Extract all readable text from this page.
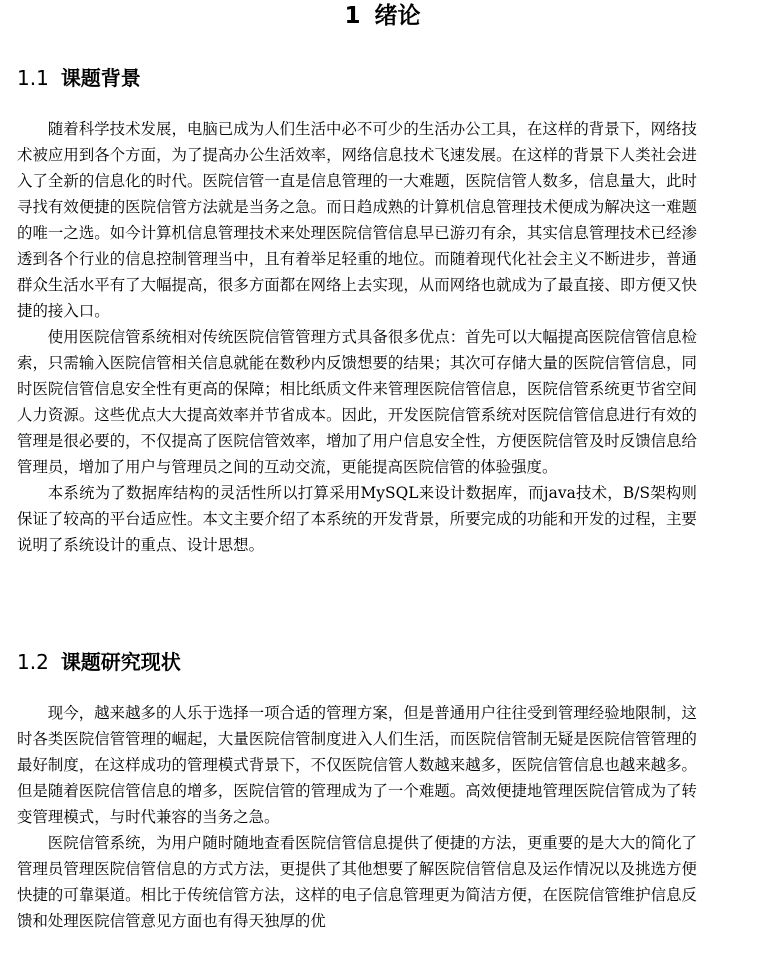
1 绪论
1.1 课题背景

随着科学技术发展，电脑已成为人们生活中必不可少的生活办公工具，在这样的背景下，网络技术被应用到各个方面，为了提高办公生活效率，网络信息技术飞速发展。在这样的背景下人类社会进入了全新的信息化的时代。医院信管一直是信息管理的一大难题，医院信管人数多，信息量大，此时寻找有效便捷的医院信管方法就是当务之急。而日趋成熟的计算机信息管理技术便成为解决这一难题的唯一之选。如今计算机信息管理技术来处理医院信管信息早已游刃有余，其实信息管理技术已经渗透到各个行业的信息控制管理当中，且有着举足轻重的地位。而随着现代化社会主义不断进步，普通群众生活水平有了大幅提高，很多方面都在网络上去实现，从而网络也就成为了最直接、即方便又快捷的接入口。

使用医院信管系统相对传统医院信管管理方式具备很多优点：首先可以大幅提高医院信管信息检索，只需输入医院信管相关信息就能在数秒内反馈想要的结果；其次可存储大量的医院信管信息，同时医院信管信息安全性有更高的保障；相比纸质文件来管理医院信管信息，医院信管系统更节省空间人力资源。这些优点大大提高效率并节省成本。因此，开发医院信管系统对医院信管信息进行有效的管理是很必要的，不仅提高了医院信管效率，增加了用户信息安全性，方便医院信管及时反馈信息给管理员，增加了用户与管理员之间的互动交流，更能提高医院信管的体验强度。

本系统为了数据库结构的灵活性所以打算采用MySQL来设计数据库，而java技术，B/S架构则保证了较高的平台适应性。本文主要介绍了本系统的开发背景，所要完成的功能和开发的过程，主要说明了系统设计的重点、设计思想。

1.2 课题研究现状

现今，越来越多的人乐于选择一项合适的管理方案，但是普通用户往往受到管理经验地限制，这时各类医院信管管理的崛起，大量医院信管制度进入人们生活，而医院信管制无疑是医院信管管理的最好制度，在这样成功的管理模式背景下，不仅医院信管人数越来越多，医院信管信息也越来越多。但是随着医院信管信息的增多，医院信管的管理成为了一个难题。高效便捷地管理医院信管成为了转变管理模式，与时代兼容的当务之急。

医院信管系统，为用户随时随地查看医院信管信息提供了便捷的方法，更重要的是大大的简化了管理员管理医院信管信息的方式方法，更提供了其他想要了解医院信管信息及运作情况以及挑选方便快捷的可靠渠道。相比于传统信管方法，这样的电子信息管理更为简洁方便，在医院信管维护信息反馈和处理医院信管意见方面也有得天独厚的优
